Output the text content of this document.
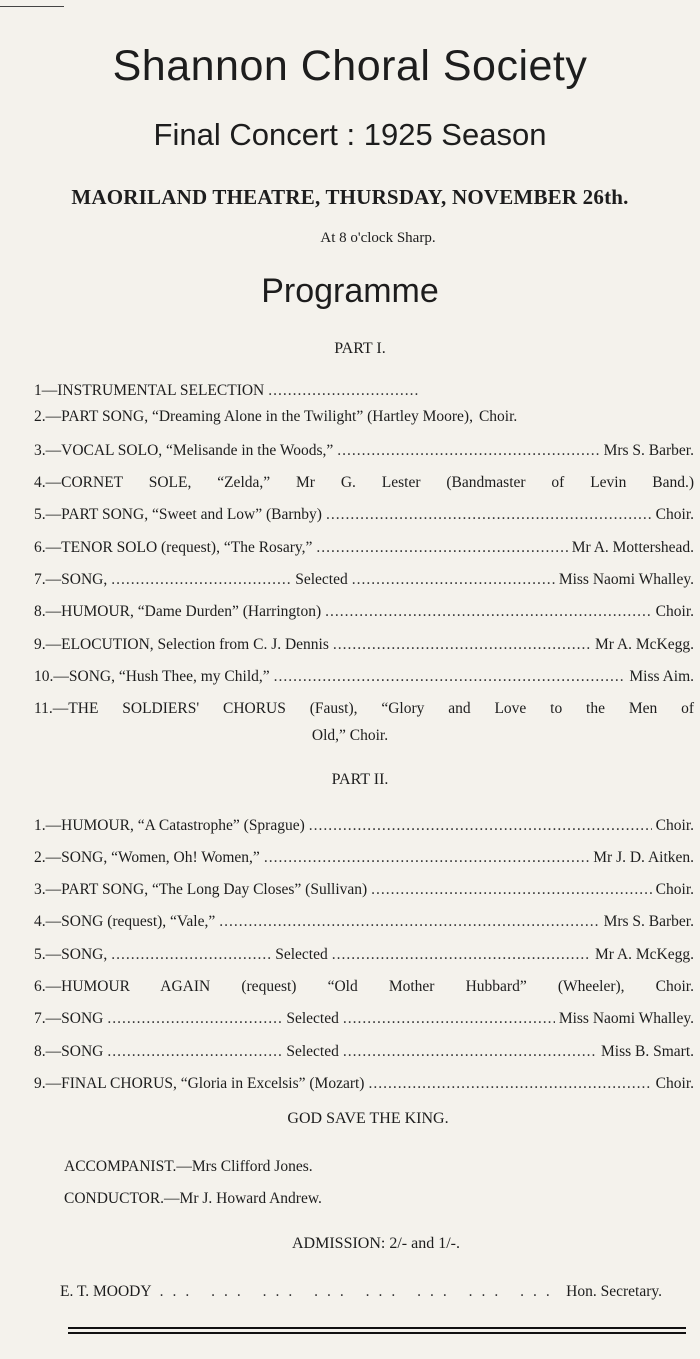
Shannon Choral Society
Final Concert : 1925 Season
MAORILAND THEATRE, THURSDAY, NOVEMBER 26th.
At 8 o'clock Sharp.
Programme
PART I.
1—INSTRUMENTAL SELECTION
.....
2.—PART SONG, “Dreaming Alone in the Twilight” (Hartley Moore), Choir.
3.—VOCAL SOLO, “Melisande in the Woods,” .....	Mrs S. Barber.
4.—CORNET SOLE, “Zelda,” Mr G. Lester (Bandmaster of Levin Band.)
5.—PART SONG, “Sweet and Low” (Barnby) .....	Choir.
6.—TENOR SOLO (request), “The Rosary,” .....	Mr A. Mottershead.
7.—SONG, .....	Selected .....	Miss Naomi Whalley.
8.—HUMOUR, “Dame Durden” (Harrington) .....	Choir.
9.—ELOCUTION, Selection from C. J. Dennis .....	Mr A. McKegg.
10.—SONG, “Hush Thee, my Child,” .....	Miss Aim.
11.—THE SOLDIERS' CHORUS (Faust), “Glory and Love to the Men of
Old,” Choir.
PART II.
1.—HUMOUR, “A Catastrophe” (Sprague) .....	Choir.
2.—SONG, “Women, Oh! Women,” .....	Mr J. D. Aitken.
3.—PART SONG, “The Long Day Closes” (Sullivan) .....	Choir.
4.—SONG (request), “Vale,” .....	Mrs S. Barber.
5.—SONG, .....	Selected .....	Mr A. McKegg.
6.—HUMOUR AGAIN (request) “Old Mother Hubbard” (Wheeler), Choir.
7.—SONG .....	Selected .....	Miss Naomi Whalley.
8.—SONG .....	Selected .....	Miss B. Smart.
9.—FINAL CHORUS, “Gloria in Excelsis” (Mozart) .....	Choir.
GOD SAVE THE KING.
ACCOMPANIST.—Mrs Clifford Jones.
CONDUCTOR.—Mr J. Howard Andrew.
ADMISSION: 2/- and 1/-.
E. T. MOODY ... .	Hon. Secretary.
